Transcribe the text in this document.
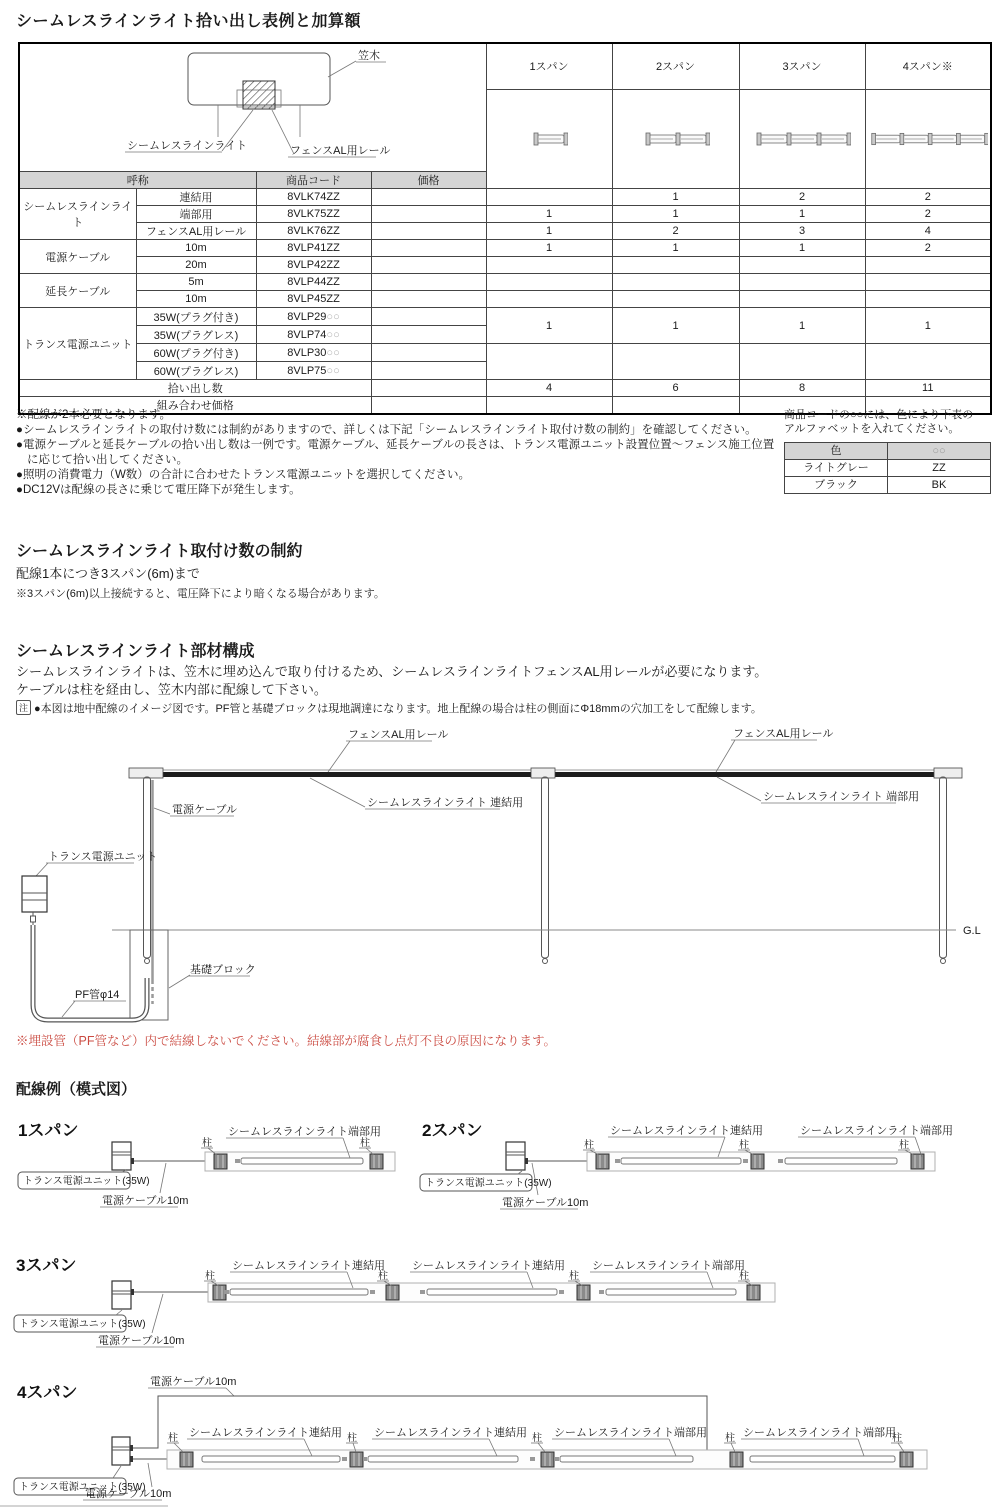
シームレスラインライト拾い出し表例と加算額
笠木
シームレスラインライト フェンスAL用レール				1スパン	2スパン	3スパン	4スパン※

呼称		商品コード	価格				
シームレスラインライト	連結用	8VLK74ZZ			1	2	2
	端部用	8VLK75ZZ		1	1	1	2
	フェンスAL用レール	8VLK76ZZ		1	2	3	4
電源ケーブル	10m	8VLP41ZZ		1	1	1	2
	20m	8VLP42ZZ					
延長ケーブル	5m	8VLP44ZZ					
	10m	8VLP45ZZ					
トランス電源ユニット	35W(プラグ付き)	8VLP29○○		1	1	1	1
	35W(プラグレス)	8VLP74○○					
	60W(プラグ付き)	8VLP30○○					
	60W(プラグレス)	8VLP75○○					
拾い出し数				4	6	8	11
組み合わせ価格							
※配線が2本必要となります。
●シームレスラインライトの取付け数には制約がありますので、詳しくは下記「シームレスラインライト取付け数の制約」を確認してください。
●電源ケーブルと延長ケーブルの拾い出し数は一例です。電源ケーブル、延長ケーブルの長さは、トランス電源ユニット設置位置～フェンス施工位置に応じて拾い出してください。
●照明の消費電力（W数）の合計に合わせたトランス電源ユニットを選択してください。
●DC12Vは配線の長さに乗じて電圧降下が発生します。
商品コードの○○には、色により下表の
アルファベットを入れてください。
色	○○
ライトグレー	ZZ
ブラック	BK
シームレスラインライト取付け数の制約
配線1本につき3スパン(6m)まで
※3スパン(6m)以上接続すると、電圧降下により暗くなる場合があります。
シームレスラインライト部材構成
シームレスラインライトは、笠木に埋め込んで取り付けるため、シームレスラインライトフェンスAL用レールが必要になります。
ケーブルは柱を経由し、笠木内部に配線して下さい。
注 ●本図は地中配線のイメージ図です。PF管と基礎ブロックは現地調達になります。地上配線の場合は柱の側面にΦ18mmの穴加工をして配線します。
フェンスAL用レール	フェンスAL用レール
シームレスラインライト 連結用	シームレスラインライト 端部用
トランス電源ユニット
電源ケーブル
G.L
基礎ブロック
PF管φ14
※埋設管（PF管など）内で結線しないでください。結線部が腐食し点灯不良の原因になります。
配線例（模式図）
1スパン
柱	柱
シームレスラインライト端部用
トランス電源ユニット(35W)
電源ケーブル10m
2スパン
柱	柱	柱
シームレスラインライト連結用	シームレスラインライト端部用
トランス電源ユニット(35W)
電源ケーブル10m
3スパン
柱	柱	柱	柱
シームレスラインライト連結用 シームレスラインライト連結用 シームレスラインライト端部用
トランス電源ユニット(35W)
電源ケーブル10m
4スパン
電源ケーブル10m
柱	柱	柱	柱	柱
シームレスラインライト連結用	シームレスラインライト連結用 シームレスラインライト端部用	シームレスラインライト端部用
トランス電源ユニット(35W)
電源ケーブル10m
